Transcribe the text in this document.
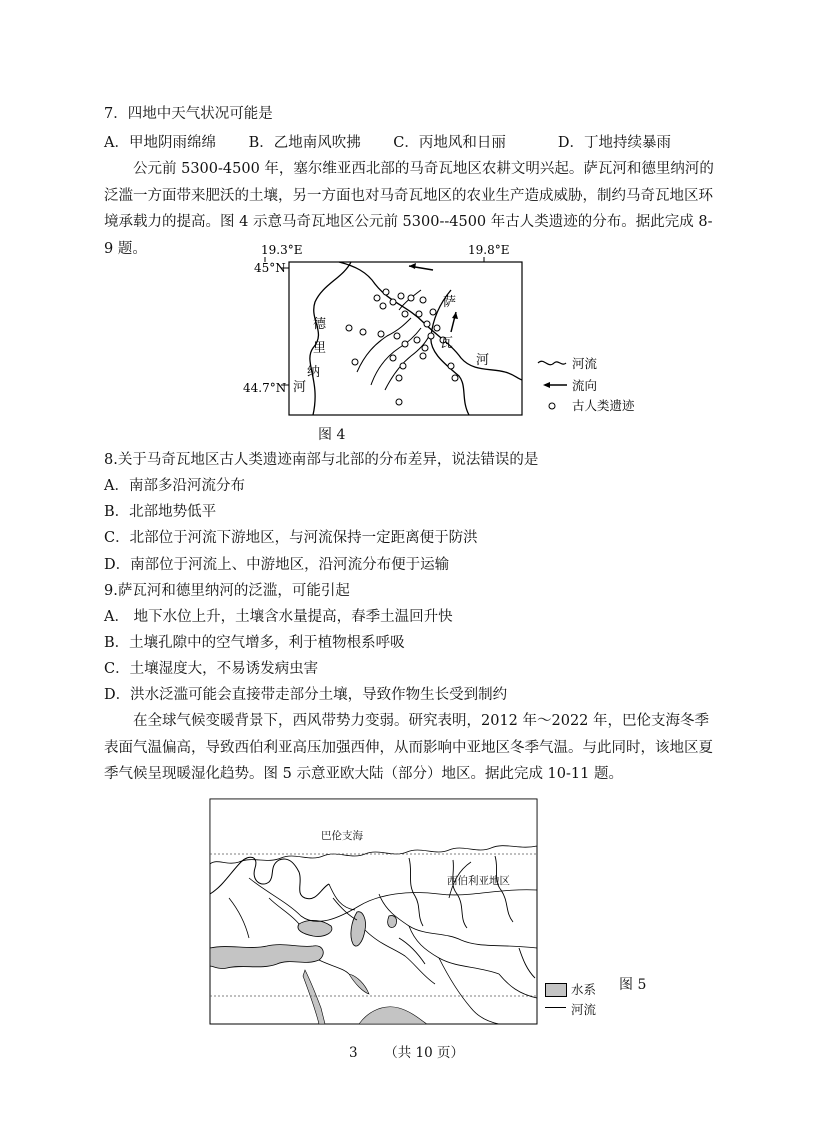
7．四地中天气状况可能是
A．甲地阴雨绵绵 B．乙地南风吹拂 C．丙地风和日丽	D．丁地持续暴雨

公元前 5300-4500 年，塞尔维亚西北部的马奇瓦地区农耕文明兴起。萨瓦河和德里纳河的泛滥一方面带来肥沃的土壤，另一方面也对马奇瓦地区的农业生产造成威胁，制约马奇瓦地区环境承载力的提高。图 4 示意马奇瓦地区公元前 5300--4500 年古人类遗迹的分布。据此完成 8-9 题。	19.3°E	19.8°E
45°N
44.7°N
德
里
纳
河
萨
瓦
河	河流
流向
古人类遗迹
图 4
8.关于马奇瓦地区古人类遗迹南部与北部的分布差异，说法错误的是
A．南部多沿河流分布
B．北部地势低平
C．北部位于河流下游地区，与河流保持一定距离便于防洪
D．南部位于河流上、中游地区，沿河流分布便于运输
9.萨瓦河和德里纳河的泛滥，可能引起
A． 地下水位上升，土壤含水量提高，春季土温回升快
B．土壤孔隙中的空气增多，利于植物根系呼吸
C．土壤湿度大，不易诱发病虫害
D．洪水泛滥可能会直接带走部分土壤，导致作物生长受到制约

在全球气候变暖背景下，西风带势力变弱。研究表明，2012 年～2022 年，巴伦支海冬季表面气温偏高，导致西伯利亚高压加强西伸，从而影响中亚地区冬季气温。与此同时，该地区夏季气候呈现暖湿化趋势。图 5 示意亚欧大陆（部分）地区。据此完成 10-11 题。

巴伦支海
西伯利亚地区
水系
河流
图 5
3 （共 10 页）
